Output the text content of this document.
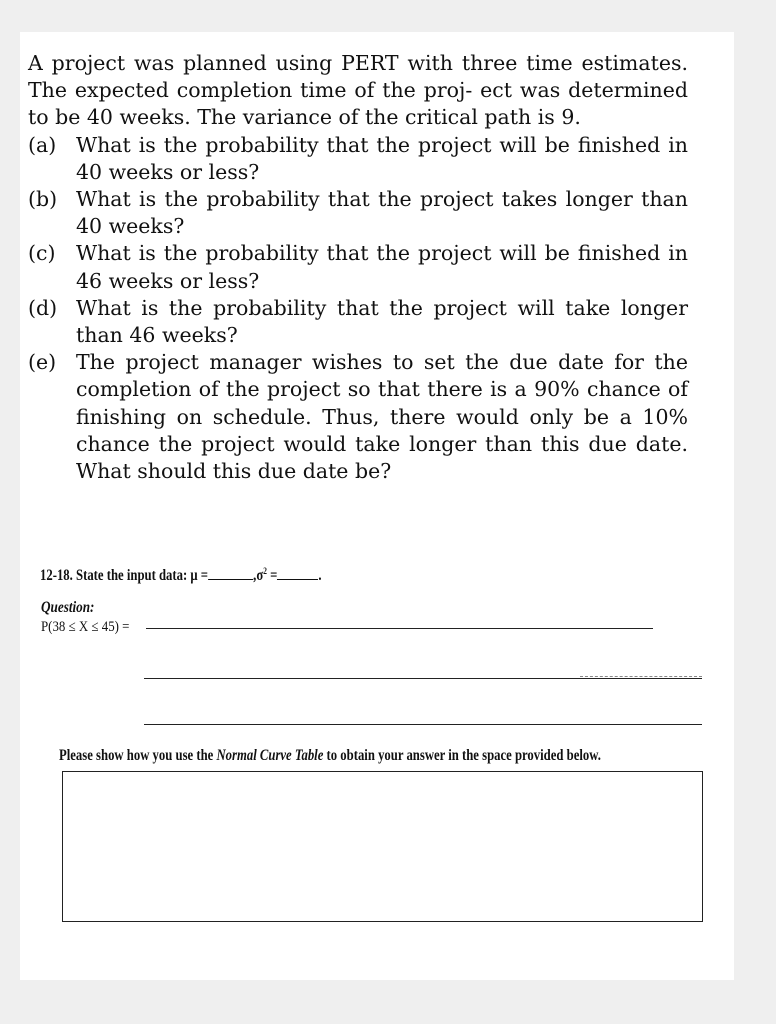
A project was planned using PERT with three time estimates. The expected completion time of the proj- ect was determined to be 40 weeks. The variance of the critical path is 9.

(a) What is the probability that the project will be finished in 40 weeks or less?
(b) What is the probability that the project takes longer than 40 weeks?
(c)	What is the probability that the project will be finished in 46 weeks or less?
(d) What is the probability that the project will take longer than 46 weeks?
(e) The project manager wishes to set the due date for the completion of the project so that there is a 90% chance of finishing on schedule. Thus, there would only be a 10% chance the project would take longer than this due date. What should this due date be?
12-18. State the input data: μ =	$,\sigma^2$ =	.
Question:
P(38 ≤ X ≤ 45) =
Please show how you use the Normal Curve Table to obtain your answer in the space provided below.
